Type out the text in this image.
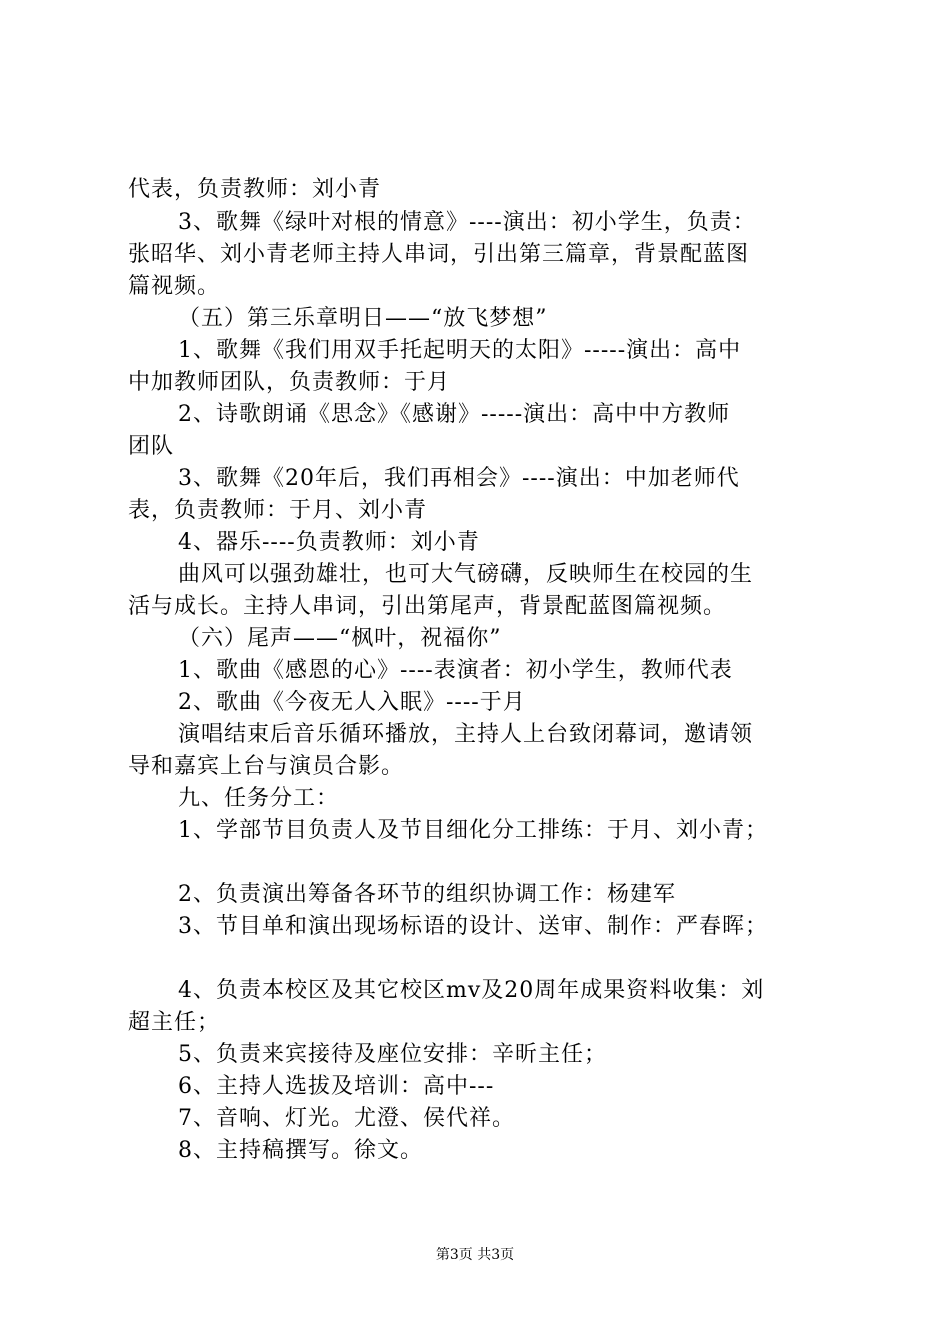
代表，负责教师：刘小青
3、歌舞《绿叶对根的情意》----演出：初小学生，负责：
张昭华、刘小青老师主持人串词，引出第三篇章，背景配蓝图
篇视频。
（五）第三乐章明日——“放飞梦想”
1、歌舞《我们用双手托起明天的太阳》-----演出：高中
中加教师团队，负责教师：于月
2、诗歌朗诵《思念》《感谢》-----演出：高中中方教师
团队
3、歌舞《20年后，我们再相会》----演出：中加老师代
表，负责教师：于月、刘小青
4、器乐----负责教师：刘小青
曲风可以强劲雄壮，也可大气磅礴，反映师生在校园的生
活与成长。主持人串词，引出第尾声，背景配蓝图篇视频。
（六）尾声——“枫叶，祝福你”
1、歌曲《感恩的心》----表演者：初小学生，教师代表
2、歌曲《今夜无人入眠》----于月
演唱结束后音乐循环播放，主持人上台致闭幕词，邀请领
导和嘉宾上台与演员合影。
九、任务分工：
1、学部节目负责人及节目细化分工排练：于月、刘小青；
2、负责演出筹备各环节的组织协调工作：杨建军
3、节目单和演出现场标语的设计、送审、制作：严春晖；
4、负责本校区及其它校区mv及20周年成果资料收集：刘
超主任；
5、负责来宾接待及座位安排：辛昕主任；
6、主持人选拔及培训：高中---
7、音响、灯光。尤澄、侯代祥。
8、主持稿撰写。徐文。
第3页 共3页
